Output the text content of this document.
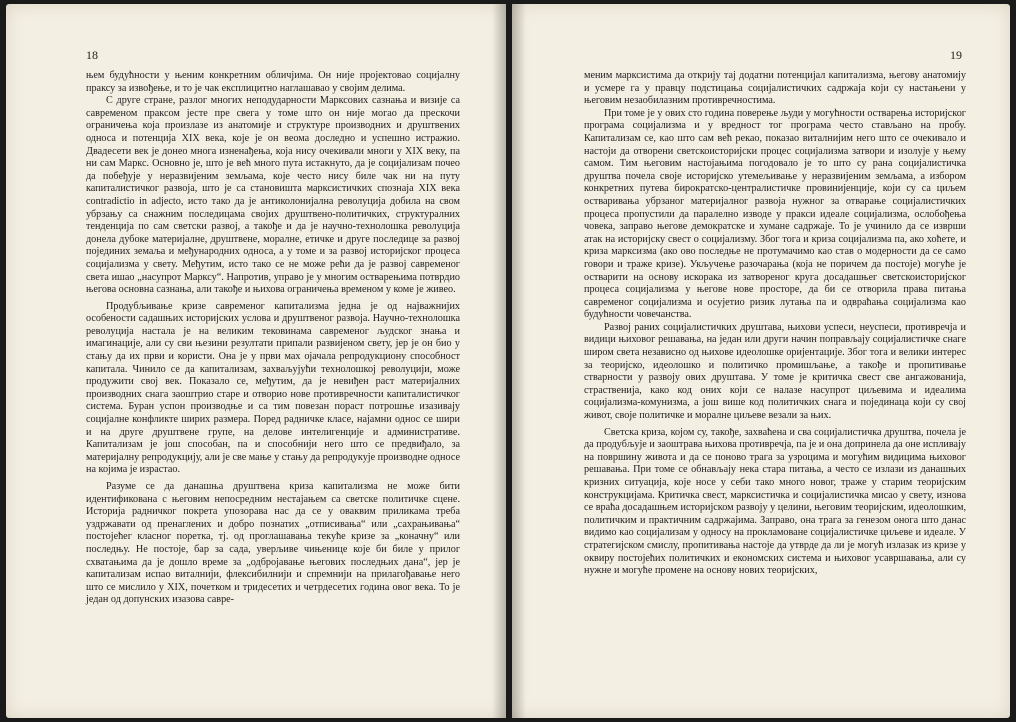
18

њем будућности у њеним конкретним обличјима. Он није пројектовао социјалну праксу за извођење, и то је чак експлицитно наглашавао у својим делима.

С друге стране, разлог многих неподударности Марксових сазнања и визије са савременом праксом јесте пре свега у томе што он није могао да прескочи ограничења која произлазе из анатомије и структуре производних и друштвених односа и потенција XIX века, које је он веома доследно и успешно истражио. Двадесети век је донео многа изненађења, која нису очекивали многи у XIX веку, па ни сам Маркс. Основно је, што је већ много пута истакнуто, да је социјализам почео да побеђује у неразвијеним земљама, које често нису биле чак ни на путу капиталистичког развоја, што је са становишта марксистичких спознаја XIX века contradictio in adjecto, исто тако да је антиколонијална револуција добила на свом убрзању са снажним последицама својих друштвено-политичких, структуралних тенденција по сам светски развој, а такође и да је научно-технолошка револуција донела дубоке материјалне, друштвене, моралне, етичке и друге последице за развој појединих земаља и међународних односа, а у томе и за развој историјског процеса социјализма у свету. Међутим, исто тако се не може рећи да је развој савременог света ишао „насупрот Марксу“. Напротив, управо је у многим остварењима потврдио његова основна сазнања, али такође и њихова ограничења временом у коме је живео.

Продубљивање кризе савременог капитализма једна је од најважнијих особености садашњих историјских услова и друштвеног развоја. Научно-технолошка револуција настала је на великим тековинама савременог људског знања и имагинације, али су сви њезини резултати припали развијеном свету, јер је он био у стању да их први и користи. Она је у први мах ојачала репродукциону способност капитала. Чинило се да капитализам, захваљујући технолошкој револуцији, може продужити свој век. Показало се, међутим, да је невиђен раст материјалних производних снага заоштрио старе и отворио нове противречности капиталистичког система. Буран успон производње и са тим повезан пораст потрошње изазивају социјалне конфликте ширих размера. Поред радничке класе, најамни однос се шири и на друге друштвене групе, на делове интелигенције и административе. Капитализам је још способан, па и способнији него што се предвиђало, за материјалну репродукцију, али је све мање у стању да репродукује производне односе на којима је израстао.

Разуме се да данашња друштвена криза капитализма не може бити идентификована с његовим непосредним нестајањем са светске политичке сцене. Историја радничког покрета упозорава нас да се у оваквим приликама треба уздржавати од пренаглених и добро познатих „отписивања“ или „сахрањивања“ постојећег класног поретка, тј. од проглашавања текуће кризе за „коначну“ или последњу. Не постоје, бар за сада, уверљиве чињенице које би биле у прилог схватањима да је дошло време за „одбројавање његових последњих дана“, јер је капитализам испао виталнији, флексибилнији и спремнији на прилагођавање него што се мислило у XIX, почетком и тридесетих и четрдесетих година овог века. То је један од допунских изазова савре-

19

меним марксистима да открију тај додатни потенцијал капитализма, његову анатомију и усмере га у правцу подстицања социјалистичких садржаја који су настањени у његовим незаобилазним противречностима.

При томе је у ових сто година поверење људи у могућности остварења историјског програма социјализма и у вредност тог програма често стављано на пробу. Капитализам се, као што сам већ рекао, показао виталнијим него што се очекивало и настоји да отворени светскоисторијски процес социјализма затвори и изолује у њему самом. Тим његовим настојањима погодовало је то што су рана социјалистичка друштва почела своје историјско утемељивање у неразвијеним земљама, а избором конкретних путева бирократско-централистичке провинијенције, који су са циљем остваривања убрзаног материјалног развоја нужног за отварање социјалистичких процеса пропустили да паралелно изводе у пракси идеале социјализма, ослобођења човека, заправо његове демократске и хумане садржаје. То је учинило да се изврши атак на историјску свест о социјализму. Због тога и криза социјализма па, ако хоћете, и криза марксизма (ако ово последње не протумачимо као став о модерности да се само говори и траже кризе). Укључење разочарања (која не поричем да постоје) могуће је остварити на основу искорака из затвореног круга досадашњег светскоисторијског процеса социјализма у његове нове просторе, да би се отворила права питања савременог социјализма и осујетио ризик лутања па и одвраћања социјализма као будућности човечанства.

Развој раних социјалистичких друштава, њихови успеси, неуспеси, противречја и видици њиховог решавања, на један или други начин поправљају социјалистичке снаге широм света независно од њихове идеолошке оријентације. Због тога и велики интерес за теоријско, идеолошко и политичко промишљање, а такође и пропитивање стварности у развоју ових друштава. У томе је критичка свест све ангажованија, страственија, како код оних који се налазе насупрот циљевима и идеалима социјализма-комунизма, а још више код политичких снага и појединаца који су свој живот, своје политичке и моралне циљеве везали за њих.

Светска криза, којом су, такође, захваћена и сва социјалистичка друштва, почела је да продубљује и заоштрава њихова противречја, па је и она допринела да оне испливају на површину живота и да се поново трага за узроцима и могућим видицима њиховог решавања. При томе се обнављају нека стара питања, а често се излази из данашњих кризних ситуација, које носе у себи тако много новог, траже у старим теоријским конструкцијама. Критичка свест, марксистичка и социјалистичка мисао у свету, изнова се враћа досадашњем историјском развоју у целини, његовим теоријским, идеолошким, политичким и практичним садржајима. Заправо, она трага за генезом онога што данас видимо као социјализам у односу на прокламоване социјалистичке циљеве и идеале. У стратегијском смислу, пропитивања настоје да утврде да ли је могућ излазак из кризе у оквиру постојећих политичких и економских система и њиховог усавршавања, али су нужне и могуће промене на основу нових теоријских,
